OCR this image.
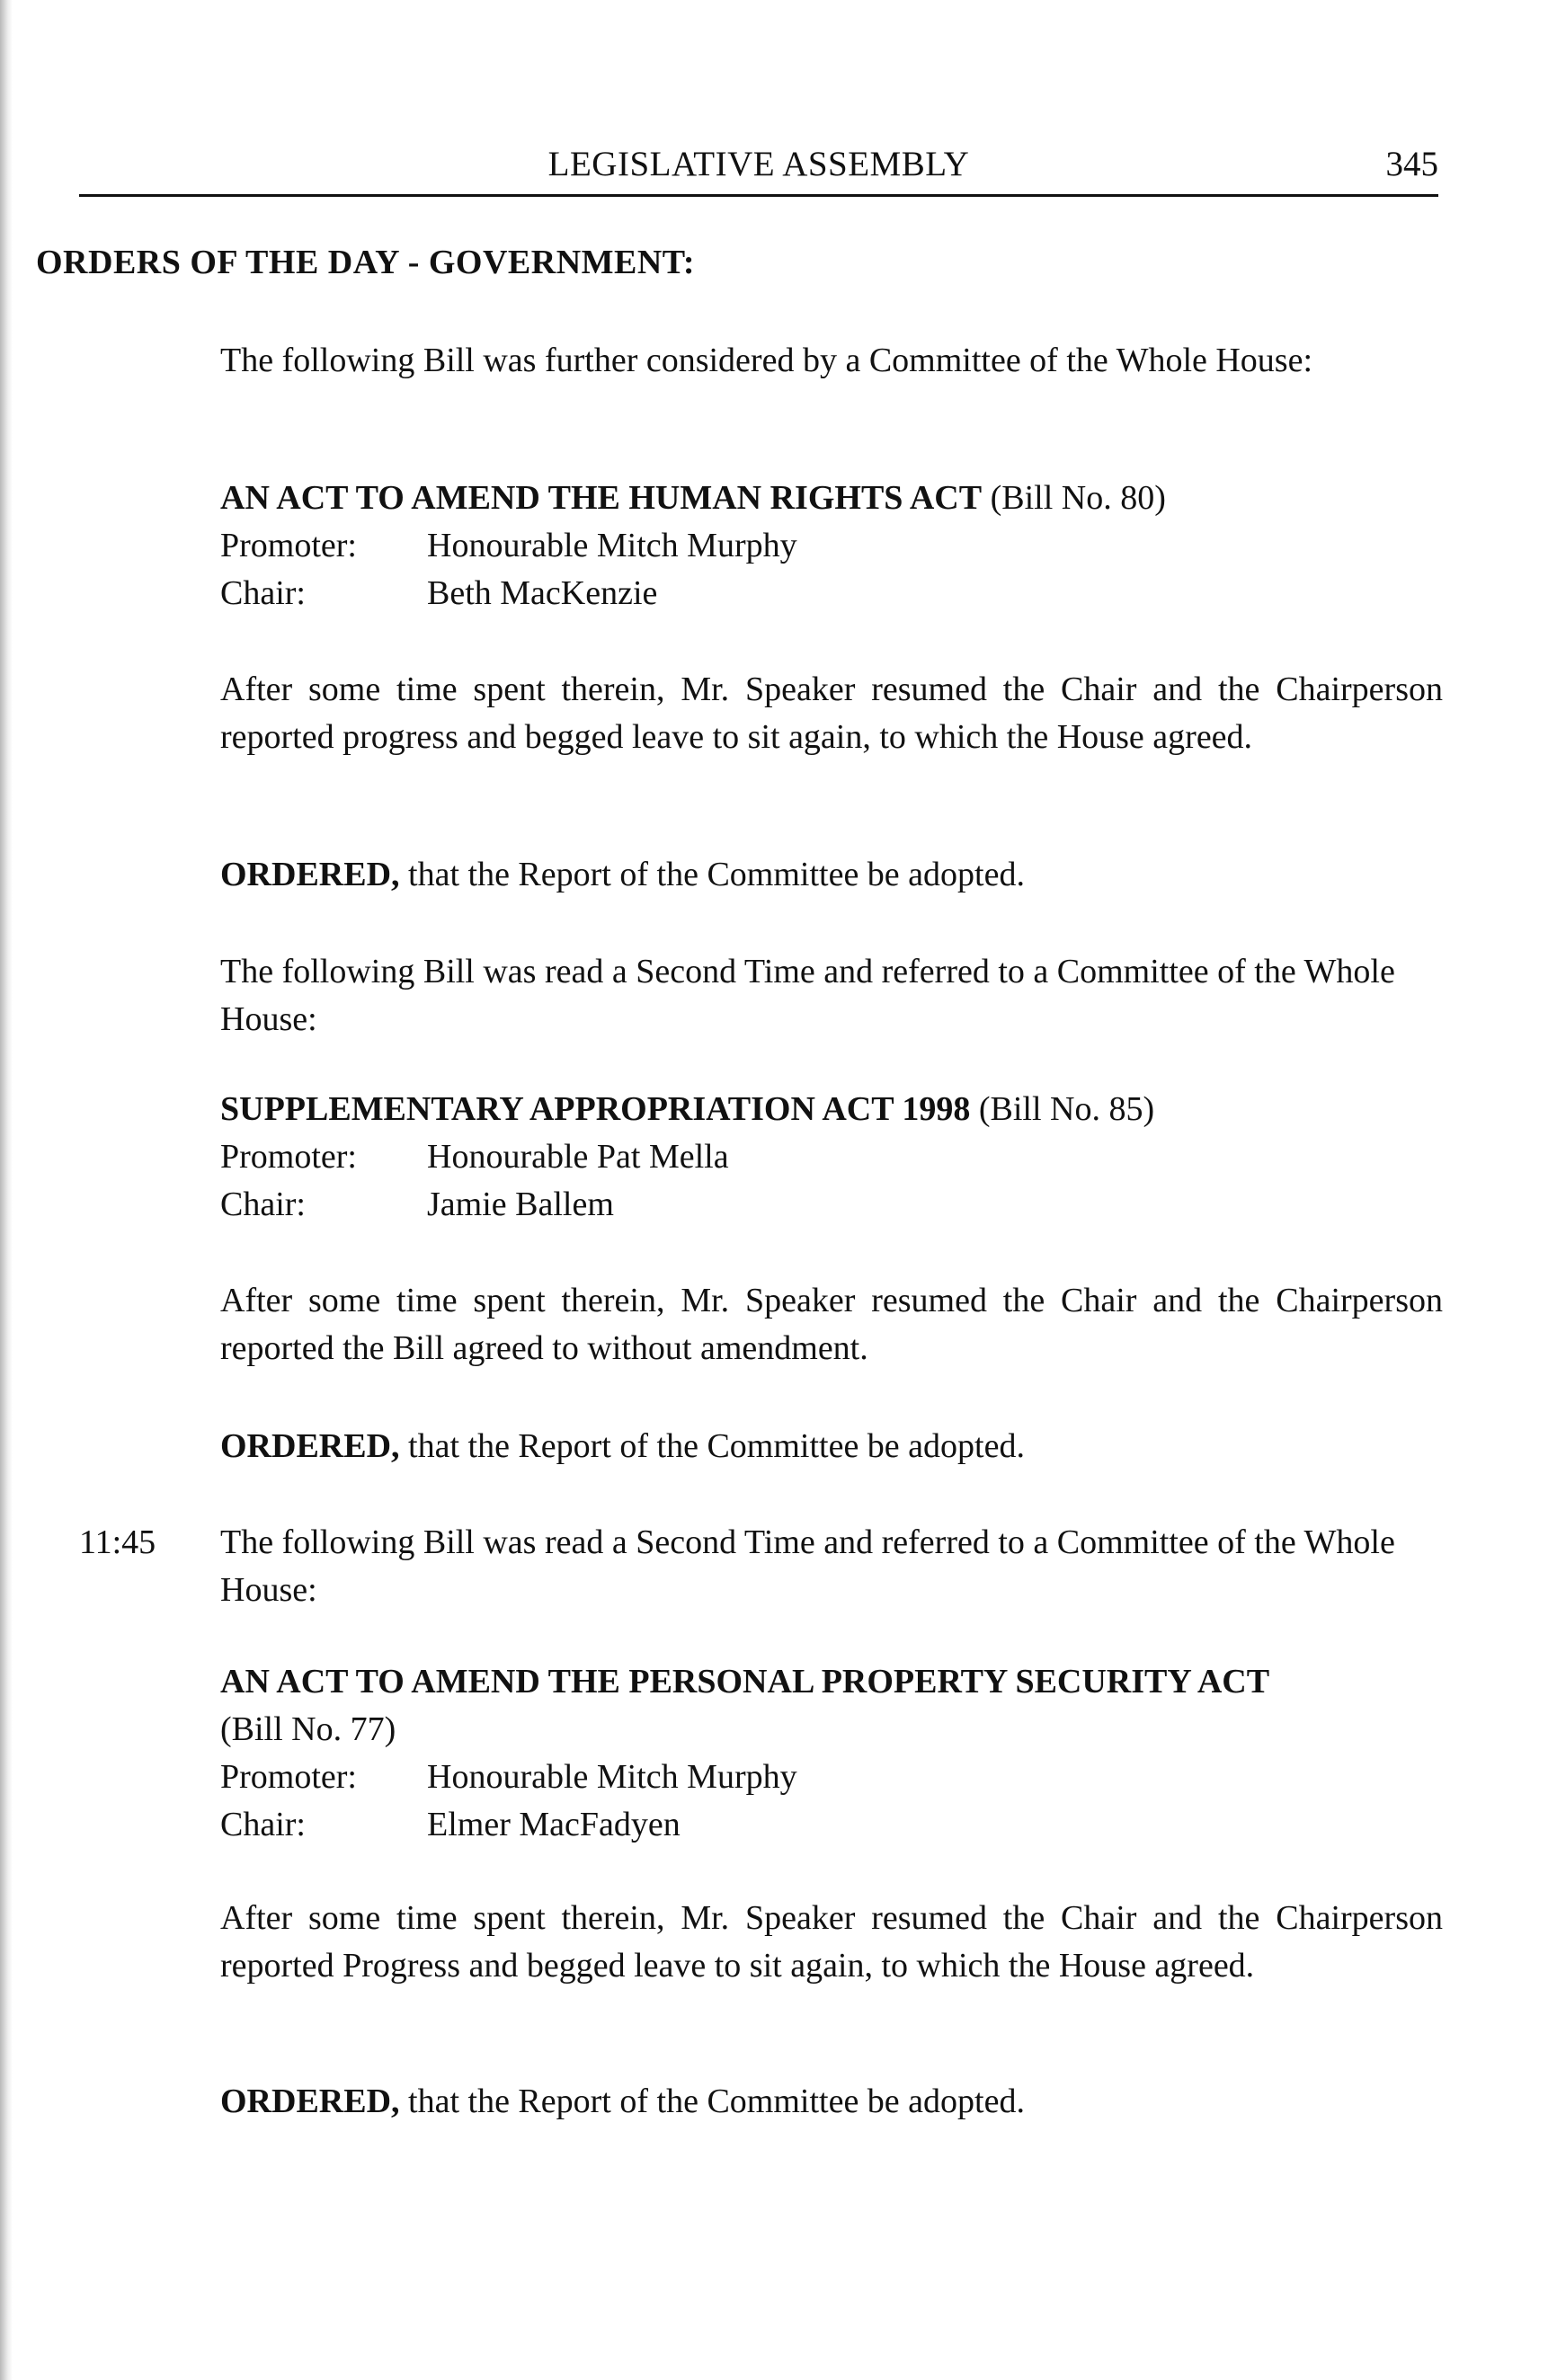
LEGISLATIVE ASSEMBLY	345
ORDERS OF THE DAY - GOVERNMENT:

The following Bill was further considered by a Committee of the Whole House:

AN ACT TO AMEND THE HUMAN RIGHTS ACT (Bill No. 80)
Promoter: Honourable Mitch Murphy
Chair:	Beth MacKenzie

After some time spent therein, Mr. Speaker resumed the Chair and the Chairperson reported progress and begged leave to sit again, to which the House agreed.

ORDERED, that the Report of the Committee be adopted.

The following Bill was read a Second Time and referred to a Committee of the Whole House:

SUPPLEMENTARY APPROPRIATION ACT 1998 (Bill No. 85)
Promoter: Honourable Pat Mella
Chair:	Jamie Ballem

After some time spent therein, Mr. Speaker resumed the Chair and the Chairperson reported the Bill agreed to without amendment.

ORDERED, that the Report of the Committee be adopted.
11:45 The following Bill was read a Second Time and referred to a Committee of the Whole House:

AN ACT TO AMEND THE PERSONAL PROPERTY SECURITY ACT
(Bill No. 77)
Promoter: Honourable Mitch Murphy
Chair:	Elmer MacFadyen

After some time spent therein, Mr. Speaker resumed the Chair and the Chairperson reported Progress and begged leave to sit again, to which the House agreed.

ORDERED, that the Report of the Committee be adopted.
